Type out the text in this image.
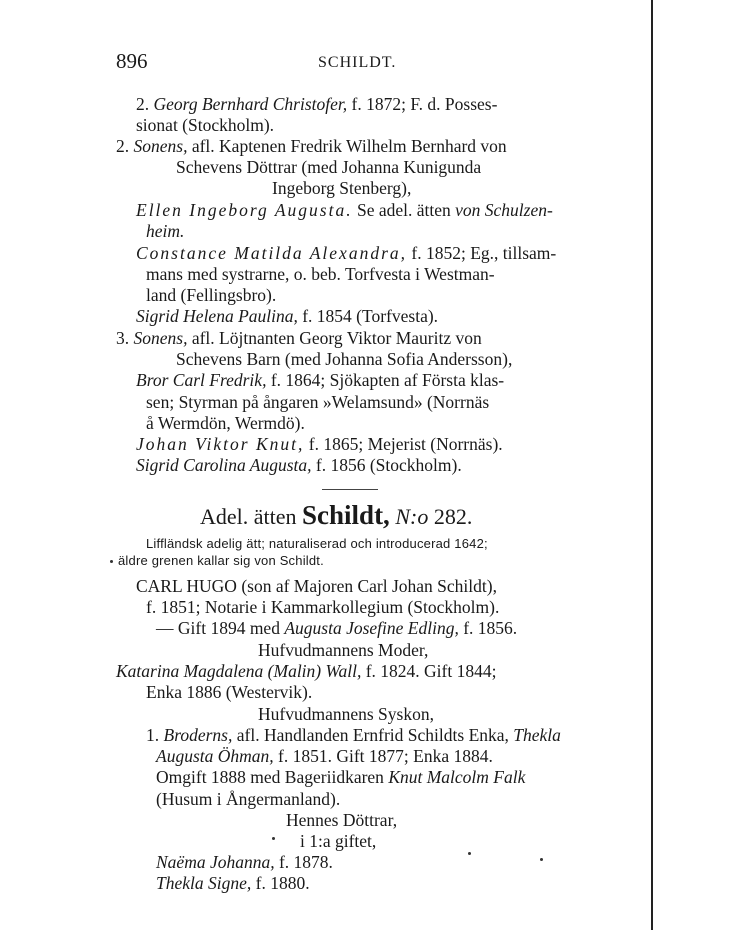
896	SCHILDT.
2. Georg Bernhard Christofer, f. 1872; F. d. Posses-
sionat (Stockholm).
2. Sonens, afl. Kaptenen Fredrik Wilhelm Bernhard von
Schevens Döttrar (med Johanna Kunigunda
Ingeborg Stenberg),
Ellen Ingeborg Augusta. Se adel. ätten von Schulzen-
heim.
Constance Matilda Alexandra, f. 1852; Eg., tillsam-
mans med systrarne, o. beb. Torfvesta i Westman-
land (Fellingsbro).
Sigrid Helena Paulina, f. 1854 (Torfvesta).
3. Sonens, afl. Löjtnanten Georg Viktor Mauritz von
Schevens Barn (med Johanna Sofia Andersson),
Bror Carl Fredrik, f. 1864; Sjökapten af Första klas-
sen; Styrman på ångaren »Welamsund» (Norrnäs
å Wermdön, Wermdö).
Johan Viktor Knut, f. 1865; Mejerist (Norrnäs).
Sigrid Carolina Augusta, f. 1856 (Stockholm).
Adel. ätten Schildt, N:o 282.
Liffländsk adelig ätt; naturaliserad och introducerad 1642;
äldre grenen kallar sig von Schildt.
CARL HUGO (son af Majoren Carl Johan Schildt),
f. 1851; Notarie i Kammarkollegium (Stockholm).
— Gift 1894 med Augusta Josefine Edling, f. 1856.
Hufvudmannens Moder,
Katarina Magdalena (Malin) Wall, f. 1824. Gift 1844;
Enka 1886 (Westervik).
Hufvudmannens Syskon,
1. Broderns, afl. Handlanden Ernfrid Schildts Enka, Thekla
Augusta Öhman, f. 1851. Gift 1877; Enka 1884.
Omgift 1888 med Bageriidkaren Knut Malcolm Falk
(Husum i Ångermanland).
Hennes Döttrar,
i 1:a giftet,
Naëma Johanna, f. 1878.
Thekla Signe, f. 1880.
